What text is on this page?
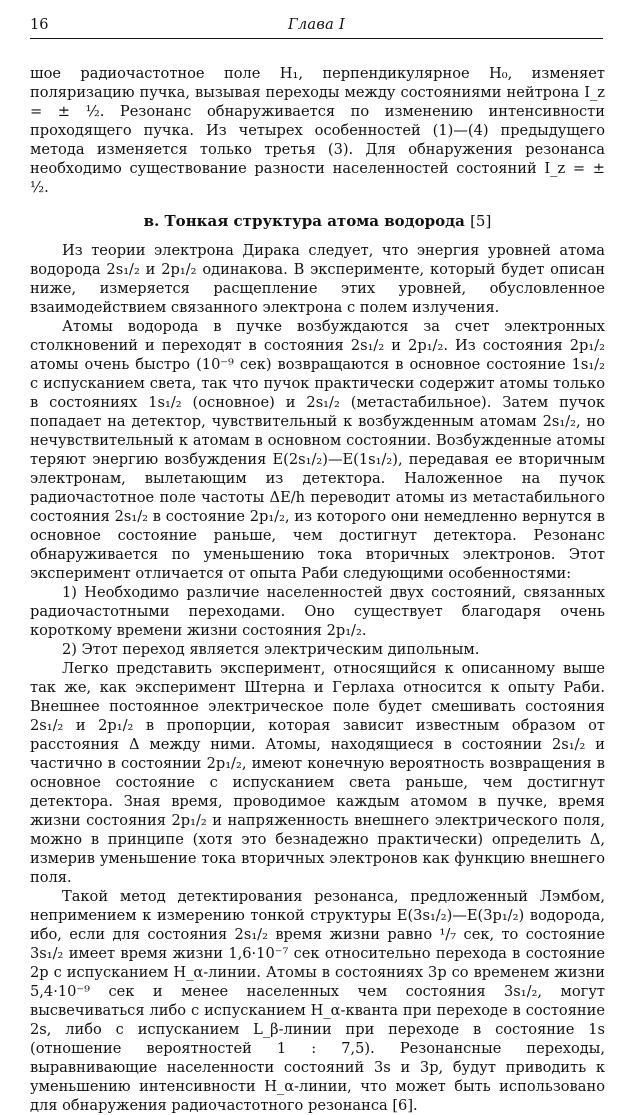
16	Глава I

шое радиочастотное поле H₁, перпендикулярное H₀, изменяет поляризацию пучка, вызывая переходы между состояниями нейтрона I_z = ± ½. Резонанс обнаруживается по изменению интенсивности проходящего пучка. Из четырех особенностей (1)—(4) предыдущего метода изменяется только третья (3). Для обнаружения резонанса необходимо существование разности населенностей состояний I_z = ± ½.

в. Тонкая структура атома водорода [5]

Из теории электрона Дирака следует, что энергия уровней атома водорода 2s₁/₂ и 2p₁/₂ одинакова. В эксперименте, который будет описан ниже, измеряется расщепление этих уровней, обусловленное взаимодействием связанного электрона с полем излучения.

Атомы водорода в пучке возбуждаются за счет электронных столкновений и переходят в состояния 2s₁/₂ и 2p₁/₂. Из состояния 2p₁/₂ атомы очень быстро (10⁻⁹ сек) возвращаются в основное состояние 1s₁/₂ с испусканием света, так что пучок практически содержит атомы только в состояниях 1s₁/₂ (основное) и 2s₁/₂ (метастабильное). Затем пучок попадает на детектор, чувствительный к возбужденным атомам 2s₁/₂, но нечувствительный к атомам в основном состоянии. Возбужденные атомы теряют энергию возбуждения E(2s₁/₂)—E(1s₁/₂), передавая ее вторичным электронам, вылетающим из детектора. Наложенное на пучок радиочастотное поле частоты ΔE/h переводит атомы из метастабильного состояния 2s₁/₂ в состояние 2p₁/₂, из которого они немедленно вернутся в основное состояние раньше, чем достигнут детектора. Резонанс обнаруживается по уменьшению тока вторичных электронов. Этот эксперимент отличается от опыта Раби следующими особенностями:

1) Необходимо различие населенностей двух состояний, связанных радиочастотными переходами. Оно существует благодаря очень короткому времени жизни состояния 2p₁/₂.

2) Этот переход является электрическим дипольным.

Легко представить эксперимент, относящийся к описанному выше так же, как эксперимент Штерна и Герлаха относится к опыту Раби. Внешнее постоянное электрическое поле будет смешивать состояния 2s₁/₂ и 2p₁/₂ в пропорции, которая зависит известным образом от расстояния Δ между ними. Атомы, находящиеся в состоянии 2s₁/₂ и частично в состоянии 2p₁/₂, имеют конечную вероятность возвращения в основное состояние с испусканием света раньше, чем достигнут детектора. Зная время, проводимое каждым атомом в пучке, время жизни состояния 2p₁/₂ и напряженность внешнего электрического поля, можно в принципе (хотя это безнадежно практически) определить Δ, измерив уменьшение тока вторичных электронов как функцию внешнего поля.

Такой метод детектирования резонанса, предложенный Лэмбом, непримением к измерению тонкой структуры E(3s₁/₂)—E(3p₁/₂) водорода, ибо, если для состояния 2s₁/₂ время жизни равно ¹/₇ сек, то состояние 3s₁/₂ имеет время жизни 1,6·10⁻⁷ сек относительно перехода в состояние 2p с испусканием H_α-линии. Атомы в состояниях 3p со временем жизни 5,4·10⁻⁹ сек и менее населенных чем состояния 3s₁/₂, могут высвечиваться либо с испусканием H_α-кванта при переходе в состояние 2s, либо с испусканием L_β-линии при переходе в состояние 1s (отношение вероятностей 1 : 7,5). Резонансные переходы, выравнивающие населенности состояний 3s и 3p, будут приводить к уменьшению интенсивности H_α-линии, что может быть использовано для обнаружения радиочастотного резонанса [6].
